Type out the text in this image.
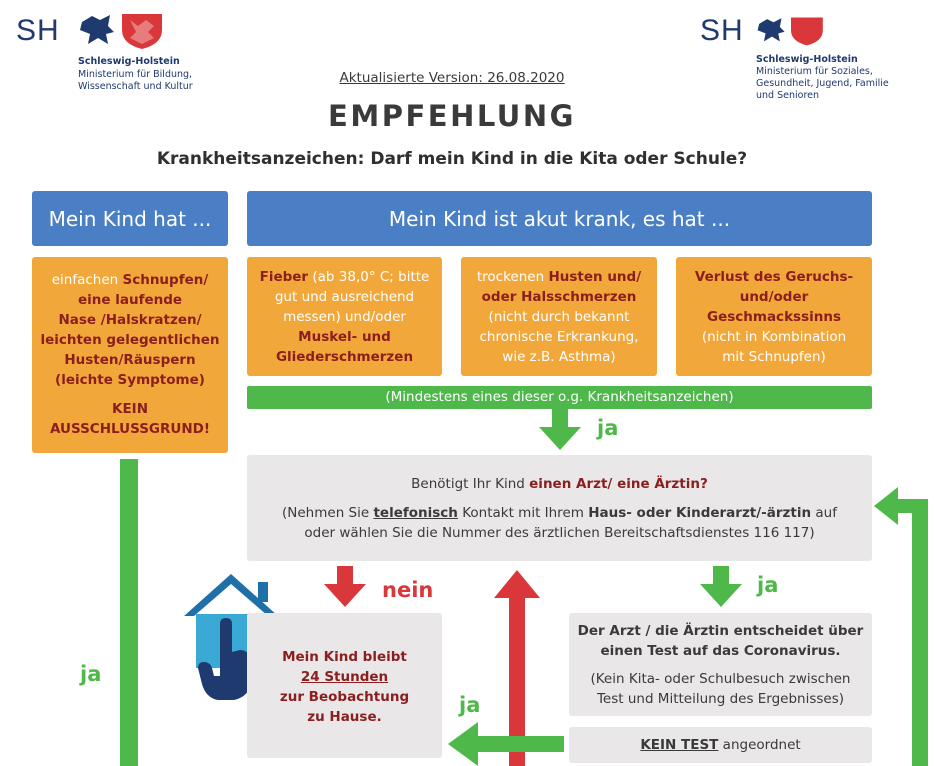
SH
Schleswig-Holstein
Ministerium für Bildung,
Wissenschaft und Kultur
SH
Schleswig-Holstein
Ministerium für Soziales,
Gesundheit, Jugend, Familie
und Senioren
Aktualisierte Version: 26.08.2020
EMPFEHLUNG
Krankheitsanzeichen: Darf mein Kind in die Kita oder Schule?
Mein Kind hat ...	Mein Kind ist akut krank, es hat ...
einfachen Schnupfen/
eine laufende
Nase /Halskratzen/
leichten gelegentlichen
Husten/Räuspern
(leichte Symptome)
KEIN
AUSSCHLUSSGRUND!
Fieber (ab 38,0° C; bitte
gut und ausreichend
messen) und/oder
Muskel- und
Gliederschmerzen
trockenen Husten und/
oder Halsschmerzen
(nicht durch bekannt
chronische Erkrankung,
wie z.B. Asthma)
Verlust des Geruchs-
und/oder
Geschmackssinns
(nicht in Kombination
mit Schnupfen)
(Mindestens eines dieser o.g. Krankheitsanzeichen)
ja
ja
Benötigt Ihr Kind einen Arzt/ eine Ärztin?
(Nehmen Sie telefonisch Kontakt mit Ihrem Haus- oder Kinderarzt/-ärztin auf
oder wählen Sie die Nummer des ärztlichen Bereitschaftsdienstes 116 117)
nein	ja
Mein Kind bleibt
24 Stunden
zur Beobachtung
zu Hause.
Der Arzt / die Ärztin entscheidet über
einen Test auf das Coronavirus.
(Kein Kita- oder Schulbesuch zwischen
Test und Mitteilung des Ergebnisses)
KEIN TEST angeordnet
ja
